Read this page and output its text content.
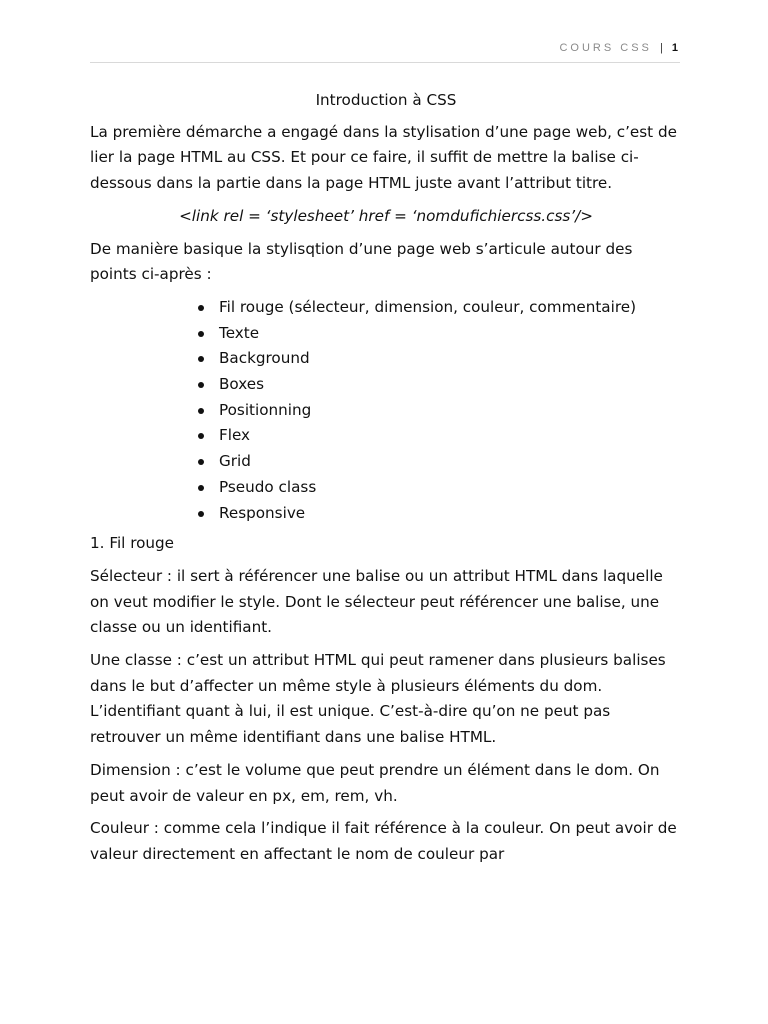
COURS CSS | 1
Introduction à CSS

La première démarche a engagé dans la stylisation d’une page web, c’est de lier la page HTML au CSS. Et pour ce faire, il suffit de mettre la balise ci-dessous dans la partie dans la page HTML juste avant l’attribut titre.

<link rel = ‘stylesheet’ href = ‘nomdufichiercss.css’/>

De manière basique la stylisqtion d’une page web s’articule autour des points ci-après :

Fil rouge (sélecteur, dimension, couleur, commentaire)
Texte
Background
Boxes
Positionning
Flex
Grid
Pseudo class
Responsive
1. Fil rouge

Sélecteur : il sert à référencer une balise ou un attribut HTML dans laquelle on veut modifier le style. Dont le sélecteur peut référencer une balise, une classe ou un identifiant.

Une classe : c’est un attribut HTML qui peut ramener dans plusieurs balises dans le but d’affecter un même style à plusieurs éléments du dom. L’identifiant quant à lui, il est unique. C’est-à-dire qu’on ne peut pas retrouver un même identifiant dans une balise HTML.

Dimension : c’est le volume que peut prendre un élément dans le dom. On peut avoir de valeur en px, em, rem, vh.

Couleur : comme cela l’indique il fait référence à la couleur. On peut avoir de valeur directement en affectant le nom de couleur par
